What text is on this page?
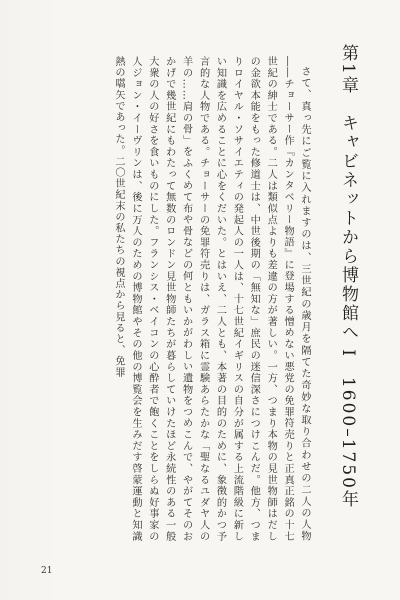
第1章　キャビネットから博物館へ I　1600–1750年

さて、真っ先にご覧に入れますのは、三世紀の歳月を隔てた奇妙な取り合わせの二人の人物――チョーサー作『カンタベリー物語』に登場する憎めない悪党の免罪符売りと正真正銘の十七世紀の紳士である。二人は類似点よりも差違の方が著しい。一方、つまり本物の見世物師はだしの金欲本能をもった修道士は、中世後期の「無知な」庶民の迷信深さにつけこんだ。他方、つまりロイヤル・ソサイエティの発起人の一人は、十七世紀イギリスの自分が属する上流階級に新しい知識を広めることに心をくだいた。とはいえ、二人とも、本著の目的のために、象徴的かつ予言的な人物である。チョーサーの免罪符売りは、ガラス箱に霊験あらたかな「聖なるユダヤ人の羊の……肩の骨」をふくめて布や骨などの何ともいかがわしい遺物をつめこんで、やがてそのおかげで幾世紀にもわたって無数のロンドン見世物師たちが暮らしていけたほど永続性のある一般大衆の人の好さを食いものにした。フランシス・ベイコンの心酔者で飽くことをしらぬ好事家の人ジョン・イーヴリンは、後に万人のための博物館やその他の博覧会を生みだす啓蒙運動と知識熱の嚆矢であった。二〇世紀末の私たちの視点から見ると、免罪

21
